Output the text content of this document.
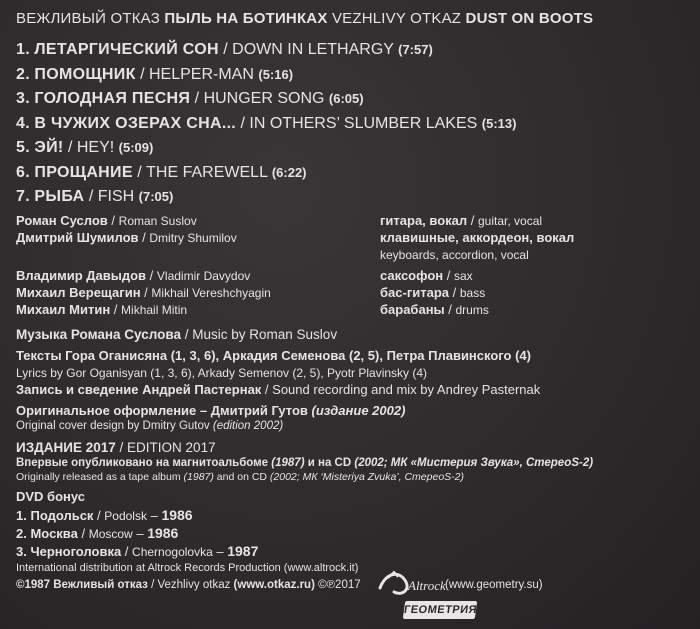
ВЕЖЛИВЫЙ ОТКАЗ ПЫЛЬ НА БОТИНКАХ VEZHLIVY OTKAZ DUST ON BOOTS
1. ЛЕТАРГИЧЕСКИЙ СОН / DOWN IN LETHARGY (7:57)
2. ПОМОЩНИК / HELPER-MAN (5:16)
3. ГОЛОДНАЯ ПЕСНЯ / HUNGER SONG (6:05)
4. В ЧУЖИХ ОЗЕРАХ СНА... / IN OTHERS’ SLUMBER LAKES (5:13)
5. ЭЙ! / HEY! (5:09)
6. ПРОЩАНИЕ / THE FAREWELL (6:22)
7. РЫБА / FISH (7:05)
Роман Суслов / Roman Suslov	гитара, вокал / guitar, vocal
Дмитрий Шумилов / Dmitry Shumilov	клавишные, аккордеон, вокал
keyboards, accordion, vocal
Владимир Давыдов / Vladimir Davydov	саксофон / sax
Михаил Верещагин / Mikhail Vereshchyagin	бас-гитара / bass
Михаил Митин / Mikhail Mitin	барабаны / drums
Музыка Романа Суслова / Music by Roman Suslov
Тексты Гора Оганисяна (1, 3, 6), Аркадия Семенова (2, 5), Петра Плавинского (4)
Lyrics by Gor Oganisyan (1, 3, 6), Arkady Semenov (2, 5), Pyotr Plavinsky (4)
Запись и сведение Андрей Пастернак / Sound recording and mix by Andrey Pasternak
Оригинальное оформление – Дмитрий Гутов (издание 2002)
Original cover design by Dmitry Gutov (edition 2002)
ИЗДАНИЕ 2017 / EDITION 2017
Впервые опубликовано на магнитоальбоме (1987) и на CD (2002; МК «Мистерия Звука», СтереоS-2)
Originally released as a tape album (1987) and on CD (2002; МК ‘Misteriya Zvuka’, СтереоS-2)
DVD бонус
1. Подольск / Podolsk – 1986
2. Москва / Moscow – 1986
3. Черноголовка / Chernogolovka – 1987
International distribution at Altrock Records Production (www.altrock.it)
©1987 Вежливый отказ / Vezhlivy otkaz (www.otkaz.ru) ©℗2017	(www.geometry.su)
Altrock
ГЕОМЕТРИЯ
